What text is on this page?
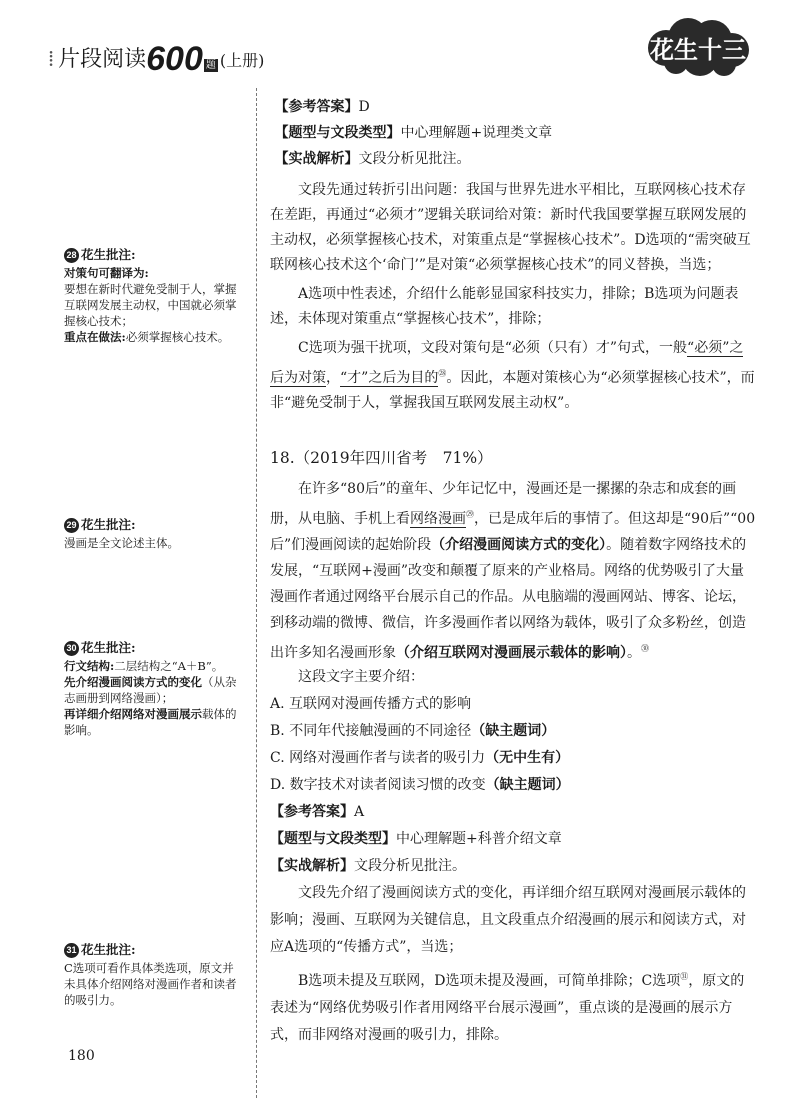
⁞ 片段阅读600 题 (上册)	花生十三
28 花生批注:
对策句可翻译为:
要想在新时代避免受制于人，掌握互联网发展主动权，中国就必须掌握核心技术；
重点在做法:必须掌握核心技术。
29 花生批注:
漫画是全文论述主体。
30 花生批注:
行文结构:二层结构之“A＋B”。
先介绍漫画阅读方式的变化（从杂志画册到网络漫画）；
再详细介绍网络对漫画展示载体的影响。
31 花生批注:
C选项可看作具体类选项，原文并未具体介绍网络对漫画作者和读者的吸引力。

【参考答案】D

【题型与文段类型】中心理解题+说理类文章

【实战解析】文段分析见批注。

文段先通过转折引出问题：我国与世界先进水平相比，互联网核心技术存在差距，再通过“必须才”逻辑关联词给对策：新时代我国要掌握互联网发展的主动权，必须掌握核心技术，对策重点是“掌握核心技术”。D选项的“需突破互联网核心技术这个‘命门’”是对策“必须掌握核心技术”的同义替换，当选；

A选项中性表述，介绍什么能彰显国家科技实力，排除；B选项为问题表述，未体现对策重点“掌握核心技术”，排除；

C选项为强干扰项，文段对策句是“必须（只有）才”句式，一般“必须”之后为对策，“才”之后为目的$^㉘$。因此，本题对策核心为“必须掌握核心技术”，而非“避免受制于人，掌握我国互联网发展主动权”。

18.（2019年四川省考　71%）

在许多“80后”的童年、少年记忆中，漫画还是一摞摞的杂志和成套的画册，从电脑、手机上看网络漫画$^㉙$，已是成年后的事情了。但这却是“90后”“00后”们漫画阅读的起始阶段（介绍漫画阅读方式的变化）。随着数字网络技术的发展，“互联网+漫画”改变和颠覆了原来的产业格局。网络的优势吸引了大量漫画作者通过网络平台展示自己的作品。从电脑端的漫画网站、博客、论坛，到移动端的微博、微信，许多漫画作者以网络为载体，吸引了众多粉丝，创造出许多知名漫画形象（介绍互联网对漫画展示载体的影响）。$^㉚$

这段文字主要介绍：

A. 互联网对漫画传播方式的影响

B. 不同年代接触漫画的不同途径（缺主题词）

C. 网络对漫画作者与读者的吸引力（无中生有）

D. 数字技术对读者阅读习惯的改变（缺主题词）

【参考答案】A

【题型与文段类型】中心理解题+科普介绍文章

【实战解析】文段分析见批注。

文段先介绍了漫画阅读方式的变化，再详细介绍互联网对漫画展示载体的影响；漫画、互联网为关键信息，且文段重点介绍漫画的展示和阅读方式，对应A选项的“传播方式”，当选；

B选项未提及互联网，D选项未提及漫画，可简单排除；C选项$^㉛$，原文的表述为“网络优势吸引作者用网络平台展示漫画”，重点谈的是漫画的展示方式，而非网络对漫画的吸引力，排除。

180
